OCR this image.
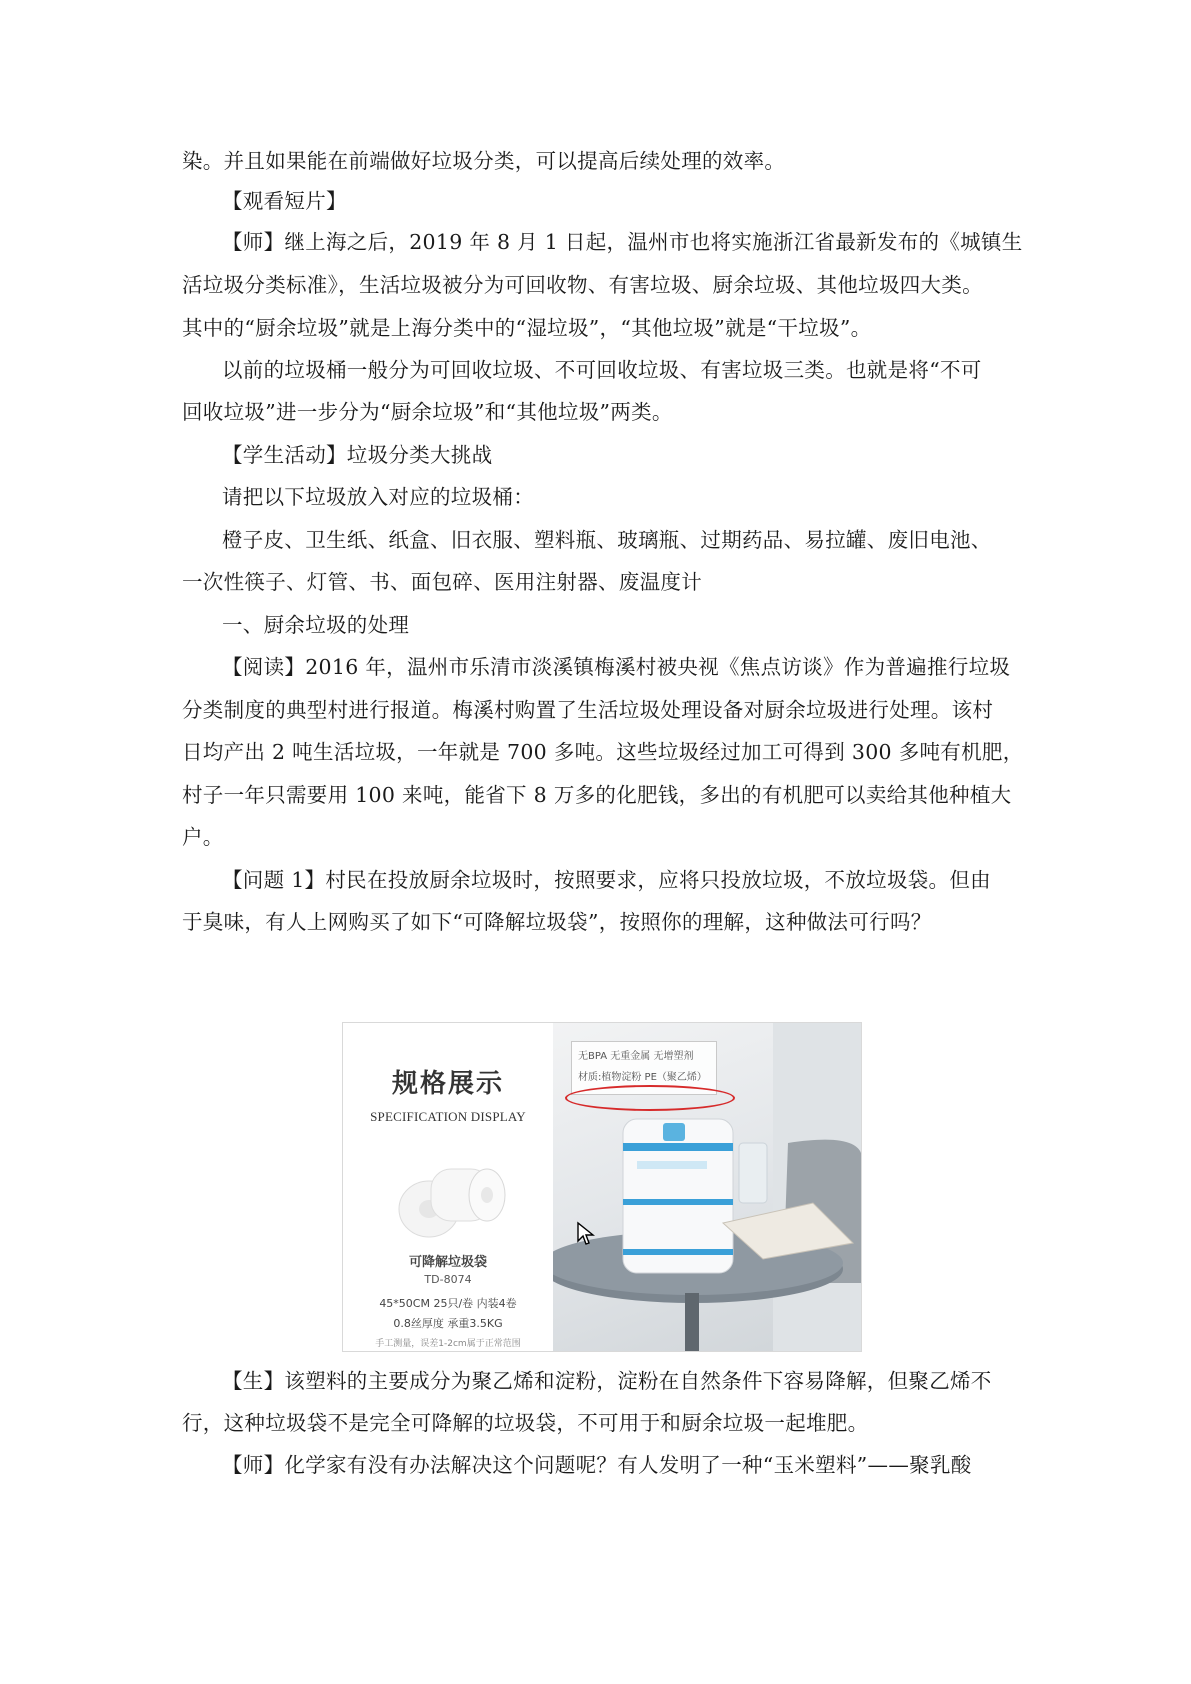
染。并且如果能在前端做好垃圾分类，可以提高后续处理的效率。
【观看短片】
【师】继上海之后，2019 年 8 月 1 日起，温州市也将实施浙江省最新发布的《城镇生
活垃圾分类标准》，生活垃圾被分为可回收物、有害垃圾、厨余垃圾、其他垃圾四大类。
其中的“厨余垃圾”就是上海分类中的“湿垃圾”，“其他垃圾”就是“干垃圾”。
以前的垃圾桶一般分为可回收垃圾、不可回收垃圾、有害垃圾三类。也就是将“不可
回收垃圾”进一步分为“厨余垃圾”和“其他垃圾”两类。
【学生活动】垃圾分类大挑战
请把以下垃圾放入对应的垃圾桶：
橙子皮、卫生纸、纸盒、旧衣服、塑料瓶、玻璃瓶、过期药品、易拉罐、废旧电池、
一次性筷子、灯管、书、面包碎、医用注射器、废温度计
一、厨余垃圾的处理
【阅读】2016 年，温州市乐清市淡溪镇梅溪村被央视《焦点访谈》作为普遍推行垃圾
分类制度的典型村进行报道。梅溪村购置了生活垃圾处理设备对厨余垃圾进行处理。该村
日均产出 2 吨生活垃圾，一年就是 700 多吨。这些垃圾经过加工可得到 300 多吨有机肥，
村子一年只需要用 100 来吨，能省下 8 万多的化肥钱，多出的有机肥可以卖给其他种植大
户。
【问题 1】村民在投放厨余垃圾时，按照要求，应将只投放垃圾，不放垃圾袋。但由
于臭味，有人上网购买了如下“可降解垃圾袋”，按照你的理解，这种做法可行吗？
规格展示
SPECIFICATION DISPLAY
可降解垃圾袋
TD-8074
45*50CM 25只/卷 内装4卷
0.8丝厚度 承重3.5KG
手工测量，误差1-2cm属于正常范围
无BPA 无重金属 无增塑剂
材质:植物淀粉 PE（聚乙烯）
【生】该塑料的主要成分为聚乙烯和淀粉，淀粉在自然条件下容易降解，但聚乙烯不
行，这种垃圾袋不是完全可降解的垃圾袋，不可用于和厨余垃圾一起堆肥。
【师】化学家有没有办法解决这个问题呢？有人发明了一种“玉米塑料”——聚乳酸
